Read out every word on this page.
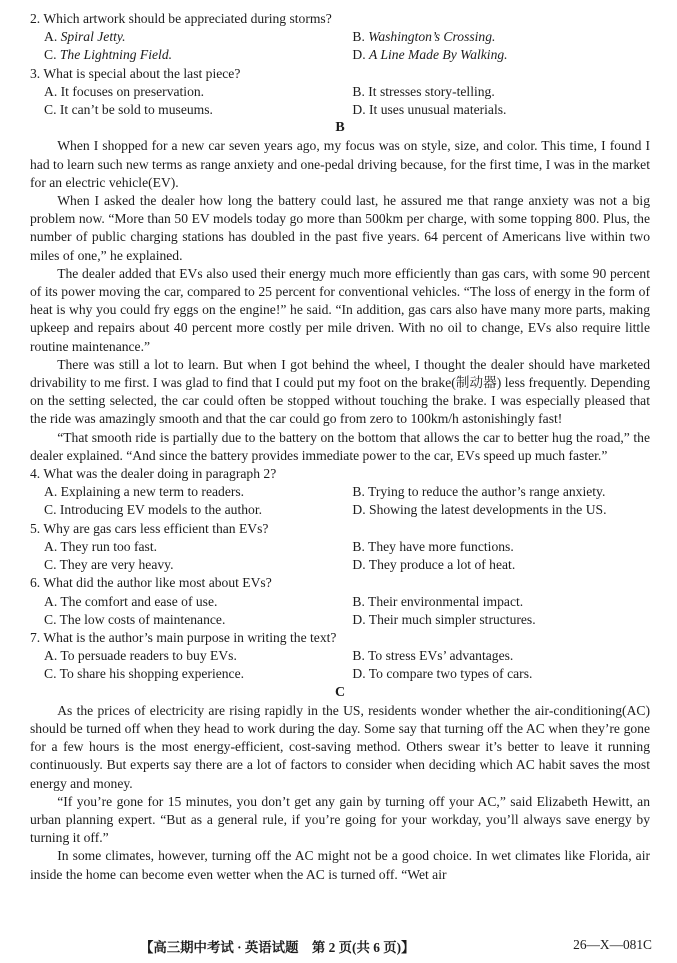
2. Which artwork should be appreciated during storms?
A. Spiral Jetty.	B. Washington’s Crossing.
C. The Lightning Field.	D. A Line Made By Walking.
3. What is special about the last piece?
A. It focuses on preservation.	B. It stresses story-telling.
C. It can’t be sold to museums.	D. It uses unusual materials.
B

When I shopped for a new car seven years ago, my focus was on style, size, and color. This time, I found I had to learn such new terms as range anxiety and one-pedal driving because, for the first time, I was in the market for an electric vehicle(EV).

When I asked the dealer how long the battery could last, he assured me that range anxiety was not a big problem now. “More than 50 EV models today go more than 500km per charge, with some topping 800. Plus, the number of public charging stations has doubled in the past five years. 64 percent of Americans live within two miles of one,” he explained.

The dealer added that EVs also used their energy much more efficiently than gas cars, with some 90 percent of its power moving the car, compared to 25 percent for conventional vehicles. “The loss of energy in the form of heat is why you could fry eggs on the engine!” he said. “In addition, gas cars also have many more parts, making upkeep and repairs about 40 percent more costly per mile driven. With no oil to change, EVs also require little routine maintenance.”

There was still a lot to learn. But when I got behind the wheel, I thought the dealer should have marketed drivability to me first. I was glad to find that I could put my foot on the brake(制动器) less frequently. Depending on the setting selected, the car could often be stopped without touching the brake. I was especially pleased that the ride was amazingly smooth and that the car could go from zero to 100km/h astonishingly fast!

“That smooth ride is partially due to the battery on the bottom that allows the car to better hug the road,” the dealer explained. “And since the battery provides immediate power to the car, EVs speed up much faster.”

4. What was the dealer doing in paragraph 2?
A. Explaining a new term to readers.	B. Trying to reduce the author’s range anxiety.
C. Introducing EV models to the author.	D. Showing the latest developments in the US.
5. Why are gas cars less efficient than EVs?
A. They run too fast.	B. They have more functions.
C. They are very heavy.	D. They produce a lot of heat.
6. What did the author like most about EVs?
A. The comfort and ease of use.	B. Their environmental impact.
C. The low costs of maintenance.	D. Their much simpler structures.
7. What is the author’s main purpose in writing the text?
A. To persuade readers to buy EVs.	B. To stress EVs’ advantages.
C. To share his shopping experience.	D. To compare two types of cars.
C

As the prices of electricity are rising rapidly in the US, residents wonder whether the air-conditioning(AC) should be turned off when they head to work during the day. Some say that turning off the AC when they’re gone for a few hours is the most energy-efficient, cost-saving method. Others swear it’s better to leave it running continuously. But experts say there are a lot of factors to consider when deciding which AC habit saves the most energy and money.

“If you’re gone for 15 minutes, you don’t get any gain by turning off your AC,” said Elizabeth Hewitt, an urban planning expert. “But as a general rule, if you’re going for your workday, you’ll always save energy by turning it off.”

In some climates, however, turning off the AC might not be a good choice. In wet climates like Florida, air inside the home can become even wetter when the AC is turned off. “Wet air

【高三期中考试 · 英语试题　第 2 页(共 6 页)】	26—X—081C
